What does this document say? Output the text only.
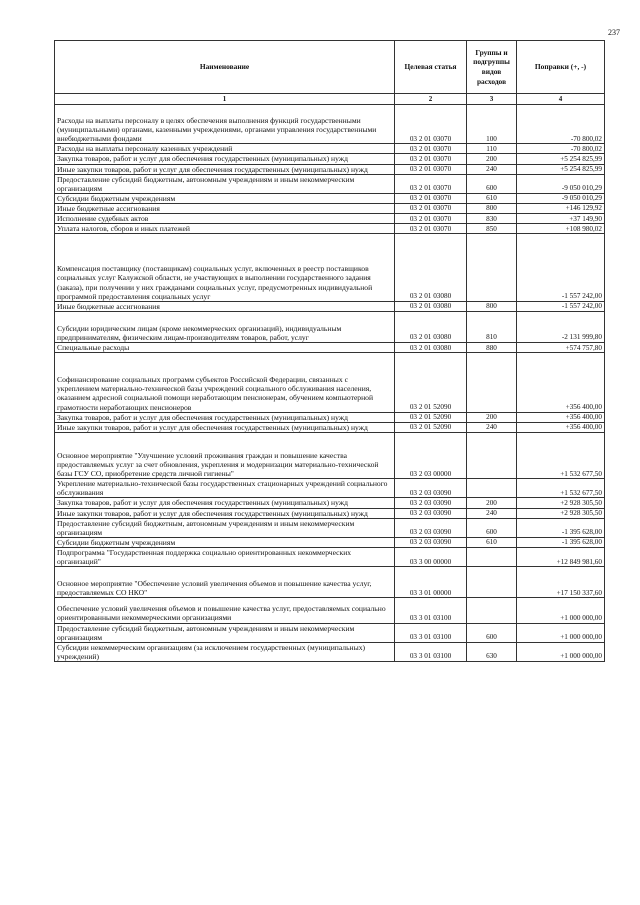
237
Наименование	Целевая статья	Группы и подгруппы видов расходов	Поправки (+, -)
1	2	3	4
Расходы на выплаты персоналу в целях обеспечения выполнения функций государственными (муниципальными) органами, казенными учреждениями, органами управления государственными внебюджетными фондами	03 2 01 03070	100	-70 800,02
Расходы на выплаты персоналу казенных учреждений	03 2 01 03070	110	-70 800,02
Закупка товаров, работ и услуг для обеспечения государственных (муниципальных) нужд	03 2 01 03070	200	+5 254 825,99
Иные закупки товаров, работ и услуг для обеспечения государственных (муниципальных) нужд	03 2 01 03070	240	+5 254 825,99
Предоставление субсидий бюджетным, автономным учреждениям и иным некоммерческим организациям	03 2 01 03070	600	-9 050 010,29
Субсидии бюджетным учреждениям	03 2 01 03070	610	-9 050 010,29
Иные бюджетные ассигнования	03 2 01 03070	800	+146 129,92
Исполнение судебных актов	03 2 01 03070	830	+37 149,90
Уплата налогов, сборов и иных платежей	03 2 01 03070	850	+108 980,02
Компенсация поставщику (поставщикам) социальных услуг, включенных в реестр поставщиков социальных услуг Калужской области, не участвующих в выполнении государственного задания (заказа), при получении у них гражданами социальных услуг, предусмотренных индивидуальной программой предоставления социальных услуг	03 2 01 03080		-1 557 242,00
Иные бюджетные ассигнования	03 2 01 03080	800	-1 557 242,00
Субсидии юридическим лицам (кроме некоммерческих организаций), индивидуальным предпринимателям, физическим лицам-производителям товаров, работ, услуг	03 2 01 03080	810	-2 131 999,80
Специальные расходы	03 2 01 03080	880	+574 757,80
Софинансирование социальных программ субъектов Российской Федерации, связанных с укреплением материально-технической базы учреждений социального обслуживания населения, оказанием адресной социальной помощи неработающим пенсионерам, обучением компьютерной грамотности неработающих пенсионеров	03 2 01 52090		+356 400,00
Закупка товаров, работ и услуг для обеспечения государственных (муниципальных) нужд	03 2 01 52090	200	+356 400,00
Иные закупки товаров, работ и услуг для обеспечения государственных (муниципальных) нужд	03 2 01 52090	240	+356 400,00
Основное мероприятие "Улучшение условий проживания граждан и повышение качества предоставляемых услуг за счет обновления, укрепления и модернизации материально-технической базы ГСУ СО, приобретение средств личной гигиены"	03 2 03 00000		+1 532 677,50
Укрепление материально-технической базы государственных стационарных учреждений социального обслуживания	03 2 03 03090		+1 532 677,50
Закупка товаров, работ и услуг для обеспечения государственных (муниципальных) нужд	03 2 03 03090	200	+2 928 305,50
Иные закупки товаров, работ и услуг для обеспечения государственных (муниципальных) нужд	03 2 03 03090	240	+2 928 305,50
Предоставление субсидий бюджетным, автономным учреждениям и иным некоммерческим организациям	03 2 03 03090	600	-1 395 628,00
Субсидии бюджетным учреждениям	03 2 03 03090	610	-1 395 628,00
Подпрограмма "Государственная поддержка социально ориентированных некоммерческих организаций"	03 3 00 00000		+12 849 981,60
Основное мероприятие "Обеспечение условий увеличения объемов и повышение качества услуг, предоставляемых СО НКО"	03 3 01 00000		+17 150 337,60
Обеспечение условий увеличения объемов и повышение качества услуг, предоставляемых социально ориентированными некоммерческими организациями	03 3 01 03100		+1 000 000,00
Предоставление субсидий бюджетным, автономным учреждениям и иным некоммерческим организациям	03 3 01 03100	600	+1 000 000,00
Субсидии некоммерческим организациям (за исключением государственных (муниципальных) учреждений)	03 3 01 03100	630	+1 000 000,00
